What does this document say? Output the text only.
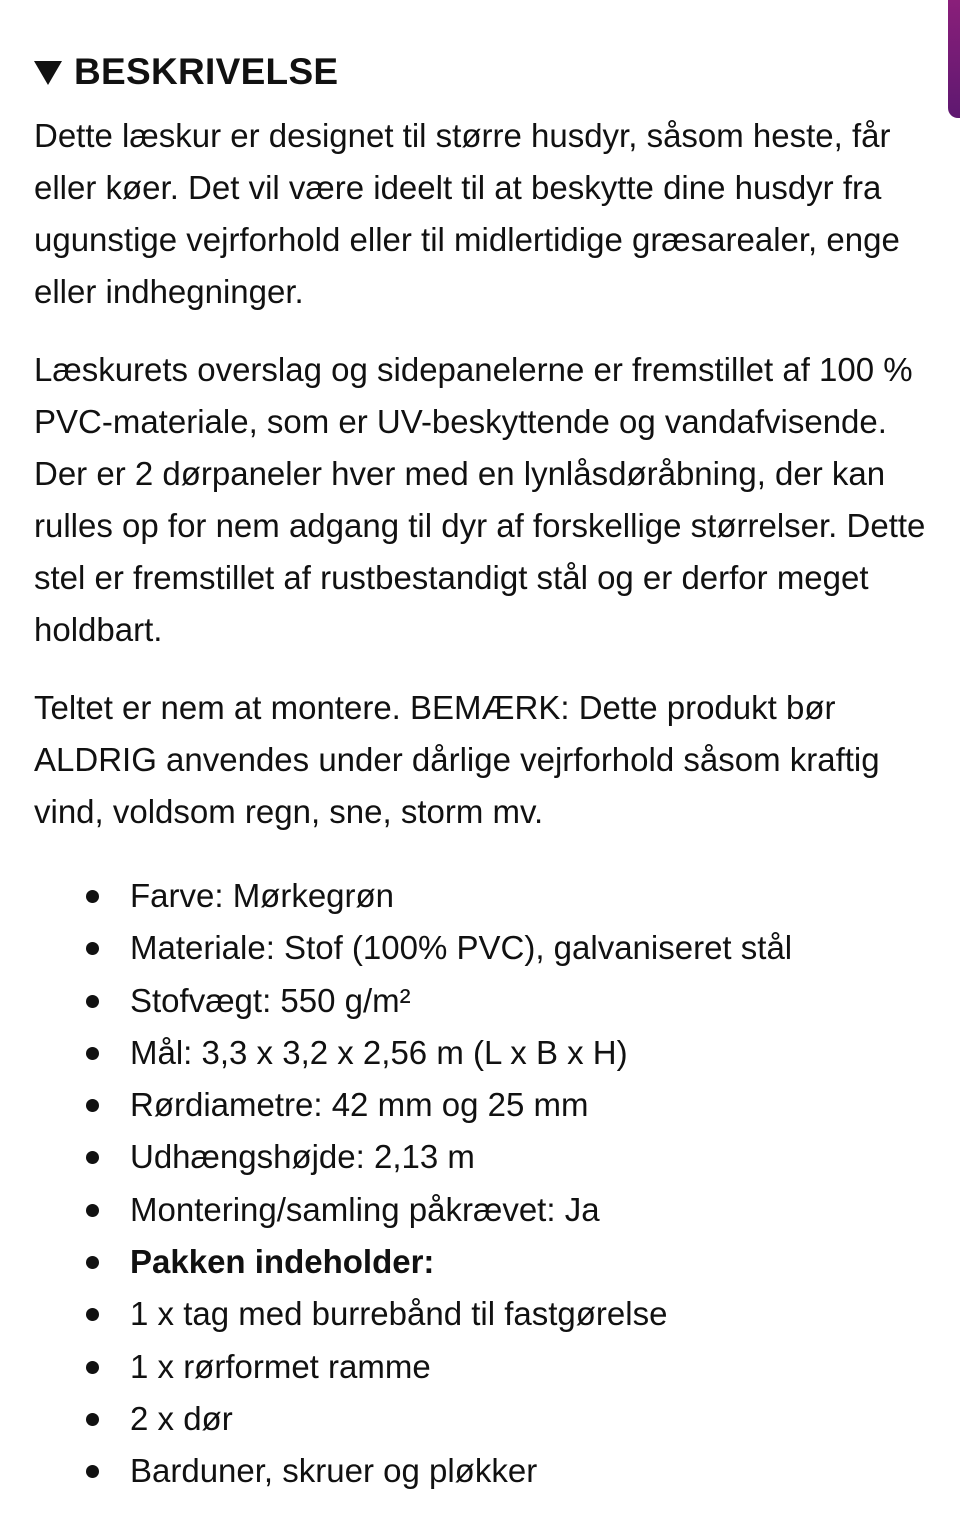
BESKRIVELSE

Dette læskur er designet til større husdyr, såsom heste, får eller køer. Det vil være ideelt til at beskytte dine husdyr fra ugunstige vejrforhold eller til midlertidige græsarealer, enge eller indhegninger.

Læskurets overslag og sidepanelerne er fremstillet af 100 % PVC-materiale, som er UV-beskyttende og vandafvisende. Der er 2 dørpaneler hver med en lynlåsdøråbning, der kan rulles op for nem adgang til dyr af forskellige størrelser. Dette stel er fremstillet af rustbestandigt stål og er derfor meget holdbart.

Teltet er nem at montere. BEMÆRK: Dette produkt bør ALDRIG anvendes under dårlige vejrforhold såsom kraftig vind, voldsom regn, sne, storm mv.

Farve: Mørkegrøn
Materiale: Stof (100% PVC), galvaniseret stål
Stofvægt: 550 g/m²
Mål: 3,3 x 3,2 x 2,56 m (L x B x H)
Rørdiametre: 42 mm og 25 mm
Udhængshøjde: 2,13 m
Montering/samling påkrævet: Ja
Pakken indeholder:
1 x tag med burrebånd til fastgørelse
1 x rørformet ramme
2 x dør
Barduner, skruer og pløkker
